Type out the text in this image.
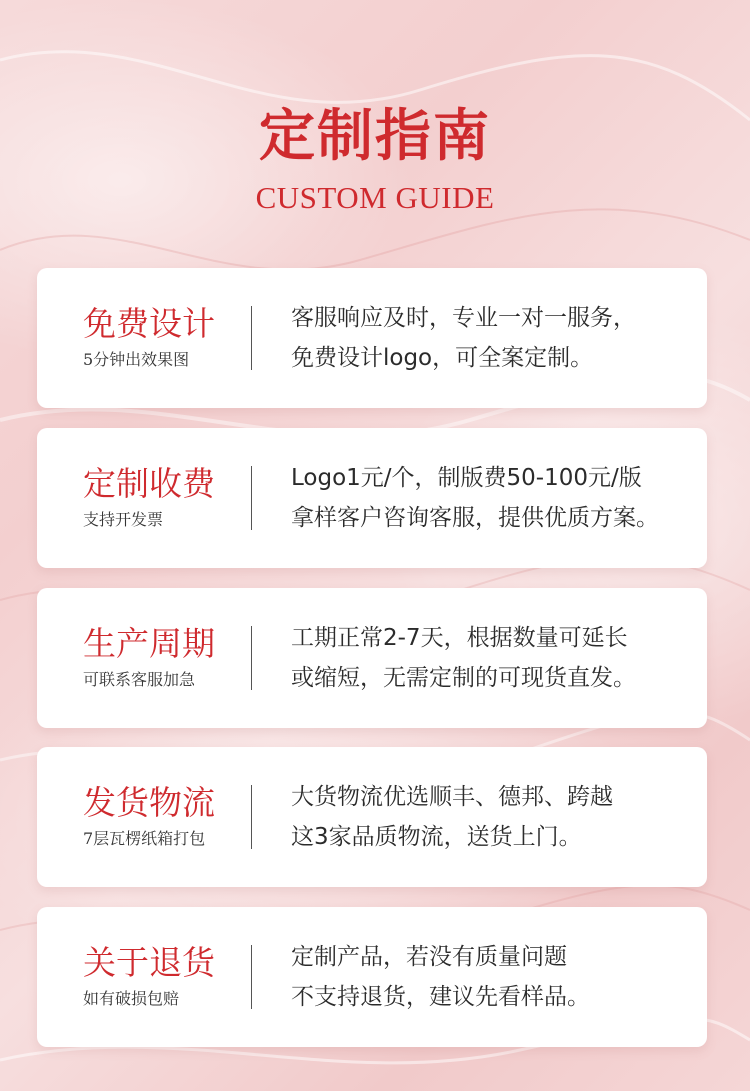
定制指南
CUSTOM GUIDE
免费设计
5分钟出效果图
客服响应及时，专业一对一服务，
免费设计logo，可全案定制。
定制收费
支持开发票
Logo1元/个，制版费50-100元/版
拿样客户咨询客服，提供优质方案。
生产周期
可联系客服加急
工期正常2-7天，根据数量可延长
或缩短，无需定制的可现货直发。
发货物流
7层瓦楞纸箱打包
大货物流优选顺丰、德邦、跨越
这3家品质物流，送货上门。
关于退货
如有破损包赔
定制产品，若没有质量问题
不支持退货，建议先看样品。
